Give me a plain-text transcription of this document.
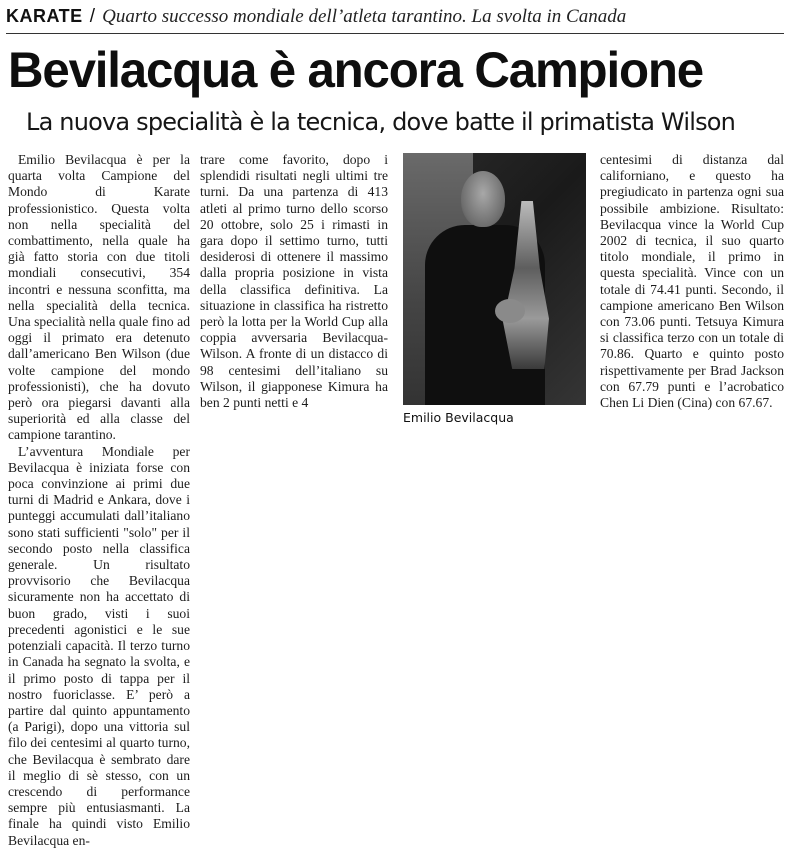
KARATE / Quarto successo mondiale dell’atleta tarantino. La svolta in Canada
Bevilacqua è ancora Campione
La nuova specialità è la tecnica, dove batte il primatista Wilson

Emilio Bevilacqua è per la quarta volta Campione del Mondo di Karate professionistico. Questa volta non nella specialità del combattimento, nella quale ha già fatto storia con due titoli mondiali consecutivi, 354 incontri e nessuna sconfitta, ma nella specialità della tecnica. Una specialità nella quale fino ad oggi il primato era detenuto dall’americano Ben Wilson (due volte campione del mondo professionisti), che ha dovuto però ora piegarsi davanti alla superiorità ed alla classe del campione tarantino.

L’avventura Mondiale per Bevilacqua è iniziata forse con poca convinzione ai primi due turni di Madrid e Ankara, dove i punteggi accumulati dall’italiano sono stati sufficienti "solo" per il secondo posto nella classifica generale. Un risultato provvisorio che Bevilacqua sicuramente non ha accettato di buon grado, visti i suoi precedenti agonistici e le sue potenziali capacità. Il terzo turno in Canada ha segnato la svolta, e il primo posto di tappa per il nostro fuoriclasse. E’ però a partire dal quinto appuntamento (a Parigi), dopo una vittoria sul filo dei centesimi al quarto turno, che Bevilacqua è sembrato dare il meglio di sè stesso, con un crescendo di performance sempre più entusiasmanti. La finale ha quindi visto Emilio Bevilacqua en-

trare come favorito, dopo i splendidi risultati negli ultimi tre turni. Da una partenza di 413 atleti al primo turno dello scorso 20 ottobre, solo 25 i rimasti in gara dopo il settimo turno, tutti desiderosi di ottenere il massimo dalla propria posizione in vista della classifica definitiva. La situazione in classifica ha ristretto però la lotta per la World Cup alla coppia avversaria Bevilacqua-Wilson. A fronte di un distacco di 98 centesimi dell’italiano su Wilson, il giapponese Kimura ha ben 2 punti netti e 4

Emilio Bevilacqua

centesimi di distanza dal californiano, e questo ha pregiudicato in partenza ogni sua possibile ambizione. Risultato: Bevilacqua vince la World Cup 2002 di tecnica, il suo quarto titolo mondiale, il primo in questa specialità. Vince con un totale di 74.41 punti. Secondo, il campione americano Ben Wilson con 73.06 punti. Tetsuya Kimura si classifica terzo con un totale di 70.86. Quarto e quinto posto rispettivamente per Brad Jackson con 67.79 punti e l’acrobatico Chen Li Dien (Cina) con 67.67.
